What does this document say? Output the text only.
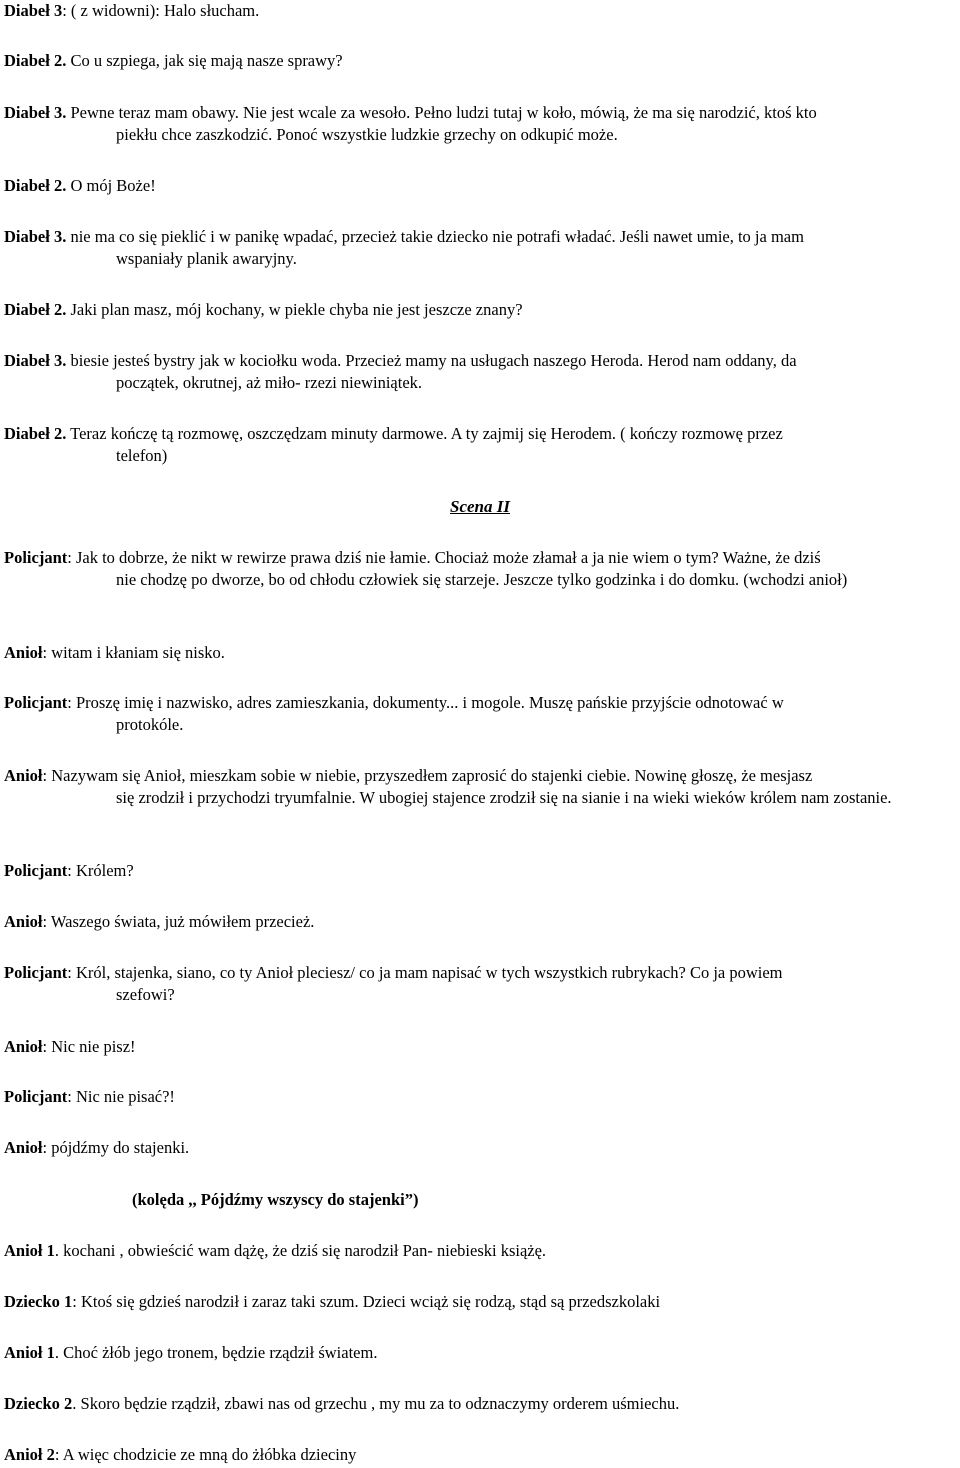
Diabeł 3: ( z widowni): Halo słucham.
Diabeł 2. Co u szpiega, jak się mają nasze sprawy?
Diabeł 3. Pewne teraz mam obawy. Nie jest wcale za wesoło. Pełno ludzi tutaj w koło, mówią, że ma się narodzić, ktoś kto
piekłu chce zaszkodzić. Ponoć wszystkie ludzkie grzechy on odkupić może.
Diabeł 2. O mój Boże!
Diabeł 3. nie ma co się pieklić i w panikę wpadać, przecież takie dziecko nie potrafi władać. Jeśli nawet umie, to ja mam
wspaniały planik awaryjny.
Diabeł 2. Jaki plan masz, mój kochany, w piekle chyba nie jest jeszcze znany?
Diabeł 3. biesie jesteś bystry jak w kociołku woda. Przecież mamy na usługach naszego Heroda. Herod nam oddany, da
początek, okrutnej, aż miło- rzezi niewiniątek.
Diabeł 2. Teraz kończę tą rozmowę, oszczędzam minuty darmowe. A ty zajmij się Herodem. ( kończy rozmowę przez
telefon)
Scena II
Policjant: Jak to dobrze, że nikt w rewirze prawa dziś nie łamie. Chociaż może złamał a ja nie wiem o tym? Ważne, że dziś
nie chodzę po dworze, bo od chłodu człowiek się starzeje. Jeszcze tylko godzinka i do domku. (wchodzi anioł)
Anioł: witam i kłaniam się nisko.
Policjant: Proszę imię i nazwisko, adres zamieszkania, dokumenty... i mogole. Muszę pańskie przyjście odnotować w
protokóle.
Anioł: Nazywam się Anioł, mieszkam sobie w niebie, przyszedłem zaprosić do stajenki ciebie. Nowinę głoszę, że mesjasz
się zrodził i przychodzi tryumfalnie. W ubogiej stajence zrodził się na sianie i na wieki wieków królem nam zostanie.
Policjant: Królem?
Anioł: Waszego świata, już mówiłem przecież.
Policjant: Król, stajenka, siano, co ty Anioł pleciesz/ co ja mam napisać w tych wszystkich rubrykach? Co ja powiem
szefowi?
Anioł: Nic nie pisz!
Policjant: Nic nie pisać?!
Anioł: pójdźmy do stajenki.
(kolęda ,, Pójdźmy wszyscy do stajenki”)
Anioł 1. kochani , obwieścić wam dążę, że dziś się narodził Pan- niebieski książę.
Dziecko 1: Ktoś się gdzieś narodził i zaraz taki szum. Dzieci wciąż się rodzą, stąd są przedszkolaki
Anioł 1. Choć żłób jego tronem, będzie rządził światem.
Dziecko 2. Skoro będzie rządził, zbawi nas od grzechu , my mu za to odznaczymy orderem uśmiechu.
Anioł 2: A więc chodzicie ze mną do żłóbka dzieciny
